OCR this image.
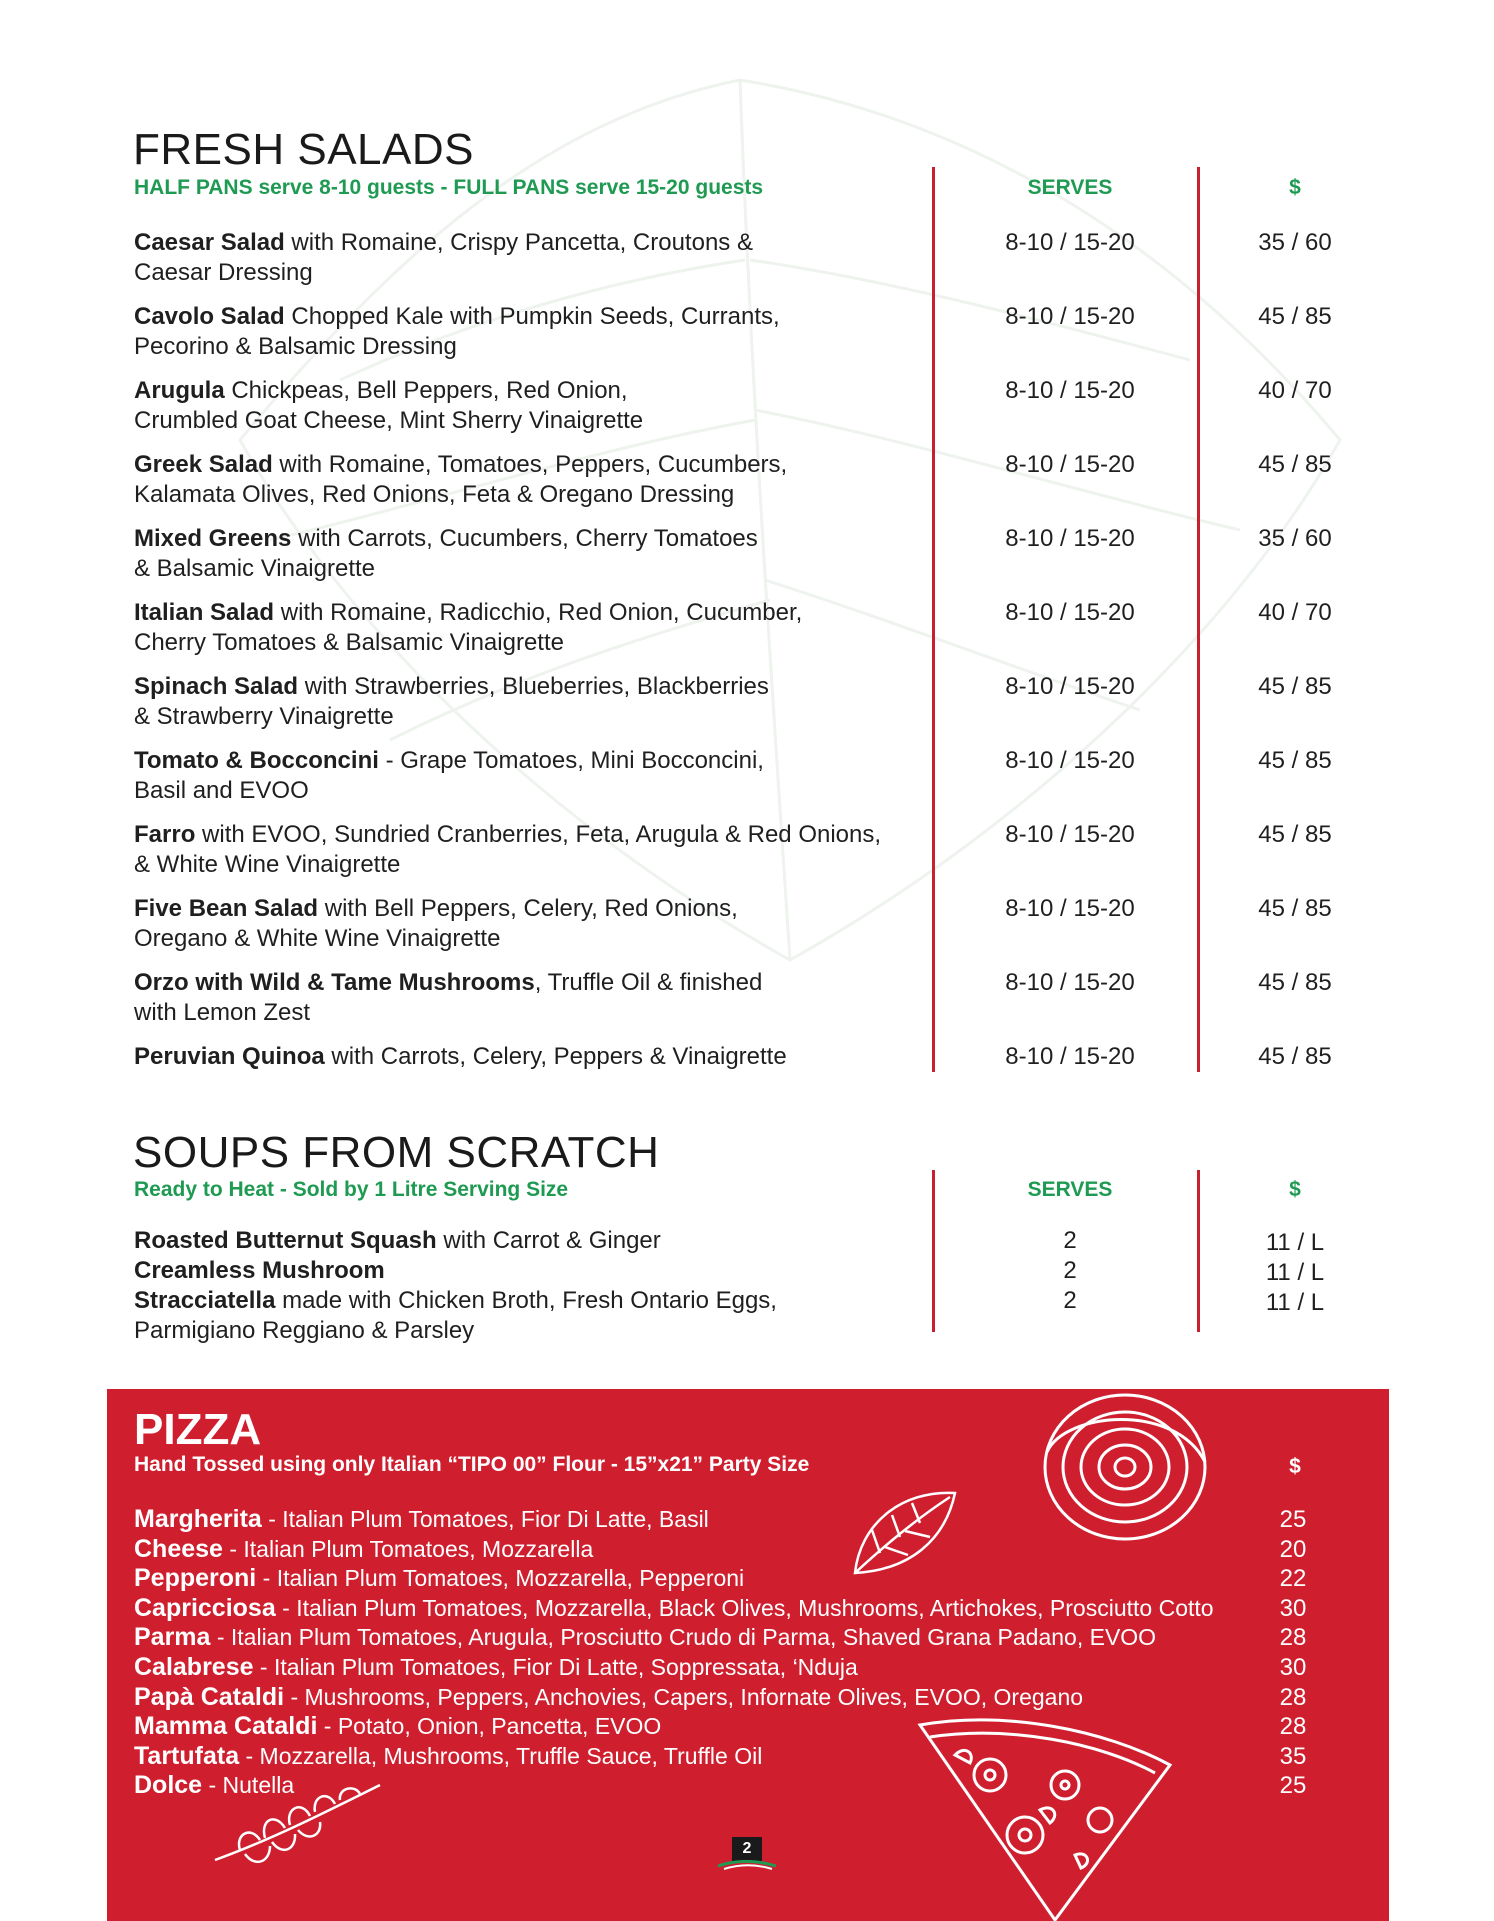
FRESH SALADS

HALF PANS serve 8-10 guests - FULL PANS serve 15-20 guests	SERVES	$
Caesar Salad with Romaine, Crispy Pancetta, Croutons &
Caesar Dressing
8-10 / 15-20	35 / 60
Cavolo Salad Chopped Kale with Pumpkin Seeds, Currants,
Pecorino & Balsamic Dressing
8-10 / 15-20	45 / 85
Arugula Chickpeas, Bell Peppers, Red Onion,
Crumbled Goat Cheese, Mint Sherry Vinaigrette
8-10 / 15-20	40 / 70
Greek Salad with Romaine, Tomatoes, Peppers, Cucumbers,
Kalamata Olives, Red Onions, Feta & Oregano Dressing
8-10 / 15-20	45 / 85
Mixed Greens with Carrots, Cucumbers, Cherry Tomatoes
& Balsamic Vinaigrette
8-10 / 15-20	35 / 60
Italian Salad with Romaine, Radicchio, Red Onion, Cucumber,
Cherry Tomatoes & Balsamic Vinaigrette
8-10 / 15-20	40 / 70
Spinach Salad with Strawberries, Blueberries, Blackberries
& Strawberry Vinaigrette
8-10 / 15-20	45 / 85
Tomato & Bocconcini - Grape Tomatoes, Mini Bocconcini,
Basil and EVOO
8-10 / 15-20	45 / 85
Farro with EVOO, Sundried Cranberries, Feta, Arugula & Red Onions,
& White Wine Vinaigrette
8-10 / 15-20	45 / 85
Five Bean Salad with Bell Peppers, Celery, Red Onions,
Oregano & White Wine Vinaigrette
8-10 / 15-20	45 / 85
Orzo with Wild & Tame Mushrooms, Truffle Oil & finished
with Lemon Zest
8-10 / 15-20	45 / 85
Peruvian Quinoa with Carrots, Celery, Peppers & Vinaigrette	8-10 / 15-20	45 / 85
SOUPS FROM SCRATCH

Ready to Heat - Sold by 1 Litre Serving Size	SERVES	$
Roasted Butternut Squash with Carrot & Ginger	2	11 / L
Creamless Mushroom	2	11 / L
Stracciatella made with Chicken Broth, Fresh Ontario Eggs,
Parmigiano Reggiano & Parsley
2	11 / L
PIZZA

Hand Tossed using only Italian “TIPO 00” Flour - 15”x21” Party Size	$
Margherita - Italian Plum Tomatoes, Fior Di Latte, Basil	25
Cheese - Italian Plum Tomatoes, Mozzarella	20
Pepperoni - Italian Plum Tomatoes, Mozzarella, Pepperoni	22
Capricciosa - Italian Plum Tomatoes, Mozzarella, Black Olives, Mushrooms, Artichokes, Prosciutto Cotto	30
Parma - Italian Plum Tomatoes, Arugula, Prosciutto Crudo di Parma, Shaved Grana Padano, EVOO	28
Calabrese - Italian Plum Tomatoes, Fior Di Latte, Soppressata, ‘Nduja	30
Papà Cataldi - Mushrooms, Peppers, Anchovies, Capers, Infornate Olives, EVOO, Oregano	28
Mamma Cataldi - Potato, Onion, Pancetta, EVOO	28
Tartufata - Mozzarella, Mushrooms, Truffle Sauce, Truffle Oil	35
Dolce - Nutella	25
2
